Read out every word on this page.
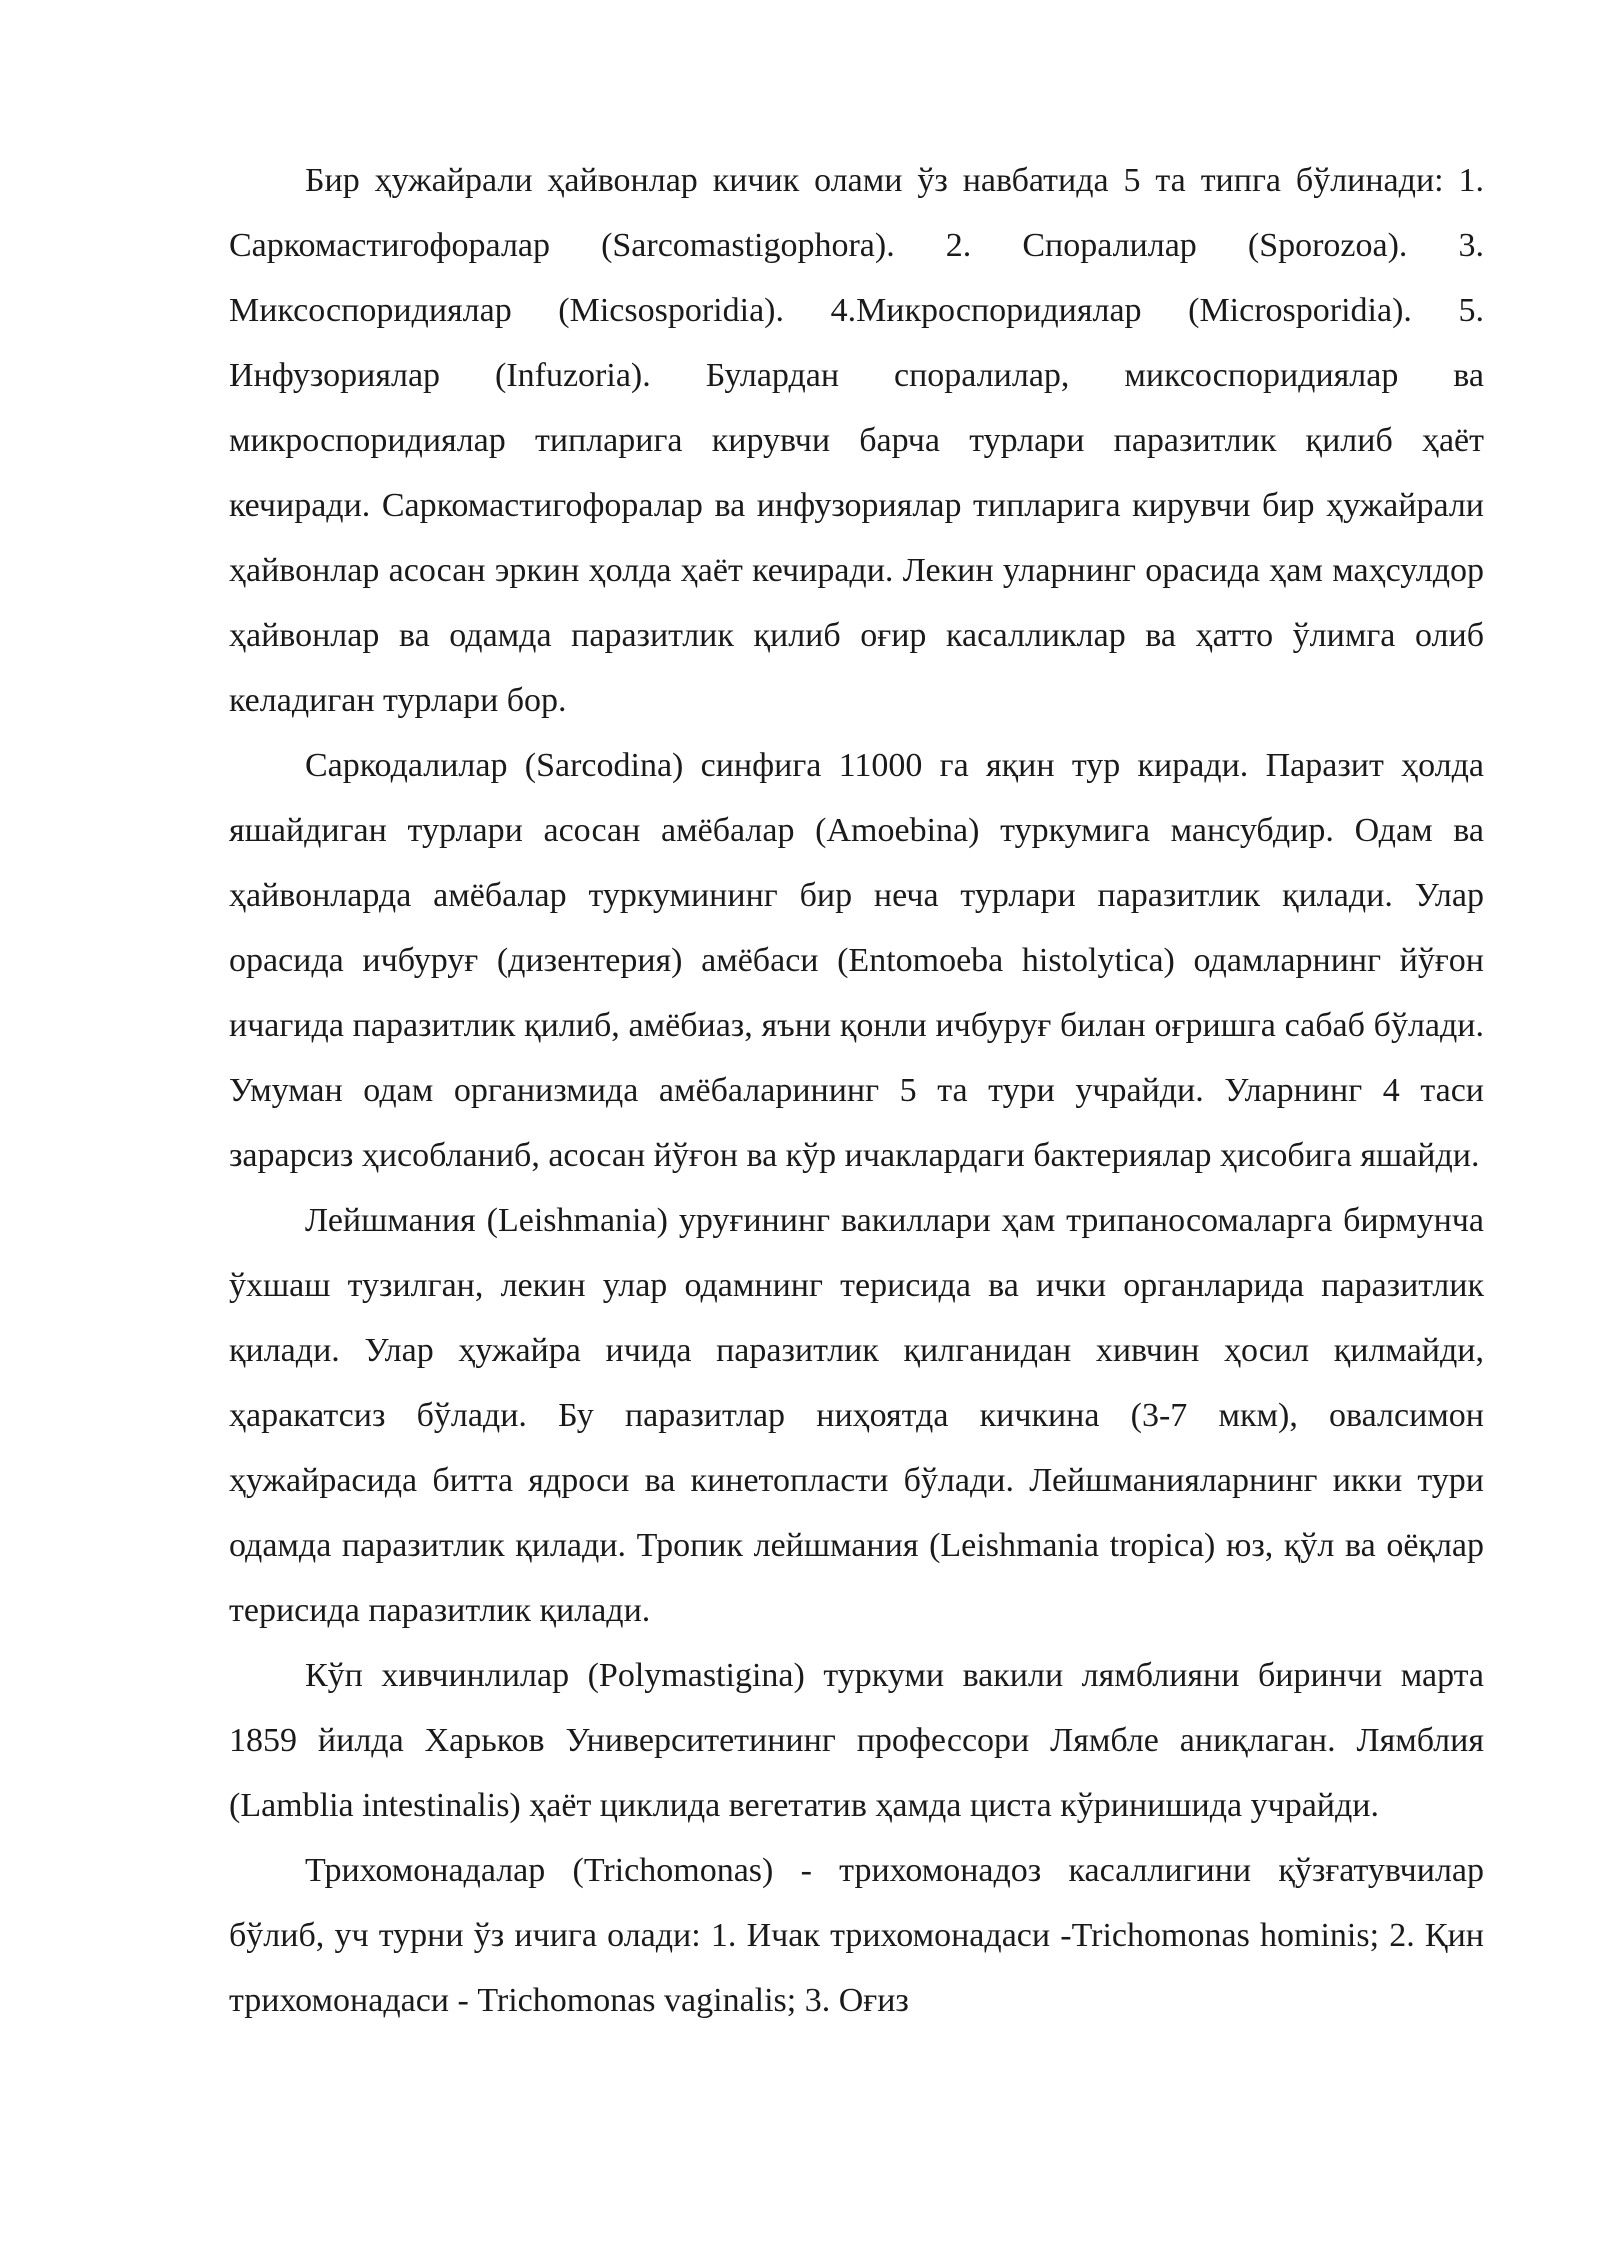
Бир ҳужайрали ҳайвонлар кичик олами ўз навбатида 5 та типга бўлинади: 1. Саркомастигофоралар (Sarcomastigophora). 2. Споралилар (Sporozoa). 3. Миксоспоридиялар (Micsosporidia). 4.Микроспоридиялар (Microsporidia). 5. Инфузориялар (Infuzoria). Булардан споралилар, миксоспоридиялар ва микроспоридиялар типларига кирувчи барча турлари паразитлик қилиб ҳаёт кечиради. Саркомастигофоралар ва инфузориялар типларига кирувчи бир ҳужайрали ҳайвонлар асосан эркин ҳолда ҳаёт кечиради. Лекин уларнинг орасида ҳам маҳсулдор ҳайвонлар ва одамда паразитлик қилиб оғир касалликлар ва ҳатто ўлимга олиб келадиган турлари бор.

Саркодалилар (Sarcodina) синфига 11000 га яқин тур киради. Паразит ҳолда яшайдиган турлари асосан амёбалар (Amoebina) туркумига мансубдир. Одам ва ҳайвонларда амёбалар туркумининг бир неча турлари паразитлик қилади. Улар орасида ичбуруғ (дизентерия) амёбаси (Entomoeba histolytica) одамларнинг йўғон ичагида паразитлик қилиб, амёбиаз, яъни қонли ичбуруғ билан оғришга сабаб бўлади. Умуман одам организмида амёбаларининг 5 та тури учрайди. Уларнинг 4 таси зарарсиз ҳисобланиб, асосан йўғон ва кўр ичаклардаги бактериялар ҳисобига яшайди.

Лейшмания (Leishmania) уруғининг вакиллари ҳам трипаносомаларга бирмунча ўхшаш тузилган, лекин улар одамнинг терисида ва ички органларида паразитлик қилади. Улар ҳужайра ичида паразитлик қилганидан хивчин ҳосил қилмайди, ҳаракатсиз бўлади. Бу паразитлар ниҳоятда кичкина (3-7 мкм), овалсимон ҳужайрасида битта ядроси ва кинетопласти бўлади. Лейшманияларнинг икки тури одамда паразитлик қилади. Тропик лейшмания (Leishmania tropica) юз, қўл ва оёқлар терисида паразитлик қилади.

Кўп хивчинлилар (Polymastigina) туркуми вакили лямблияни биринчи марта 1859 йилда Харьков Университетининг профессори Лямбле аниқлаган. Лямблия (Lamblia intestinalis) ҳаёт циклида вегетатив ҳамда циста кўринишида учрайди.

Трихомонадалар (Trichomonas) - трихомонадоз касаллигини қўзғатувчилар бўлиб, уч турни ўз ичига олади: 1. Ичак трихомонадаси -Trichomonas hominis; 2. Қин трихомонадаси - Trichomonas vaginalis; 3. Оғиз
